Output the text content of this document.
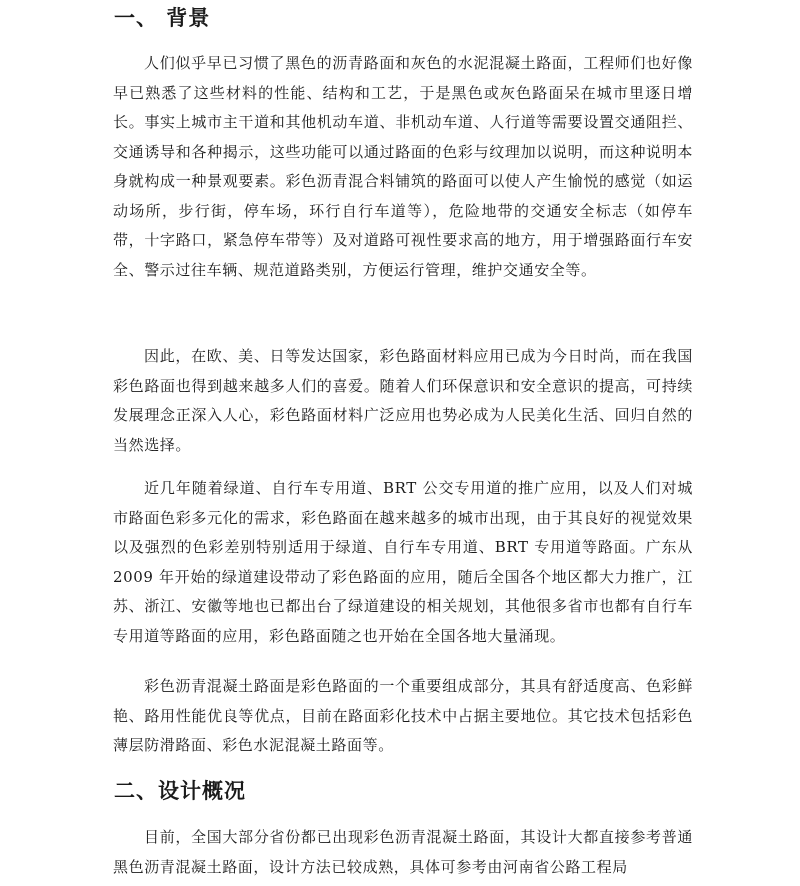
一、 背景

人们似乎早已习惯了黑色的沥青路面和灰色的水泥混凝土路面，工程师们也好像早已熟悉了这些材料的性能、结构和工艺，于是黑色或灰色路面呆在城市里逐日增长。事实上城市主干道和其他机动车道、非机动车道、人行道等需要设置交通阻拦、交通诱导和各种揭示，这些功能可以通过路面的色彩与纹理加以说明，而这种说明本身就构成一种景观要素。彩色沥青混合料铺筑的路面可以使人产生愉悦的感觉（如运动场所，步行街，停车场，环行自行车道等），危险地带的交通安全标志（如停车带，十字路口，紧急停车带等）及对道路可视性要求高的地方，用于增强路面行车安全、警示过往车辆、规范道路类别，方便运行管理，维护交通安全等。

因此，在欧、美、日等发达国家，彩色路面材料应用已成为今日时尚，而在我国彩色路面也得到越来越多人们的喜爱。随着人们环保意识和安全意识的提高，可持续发展理念正深入人心，彩色路面材料广泛应用也势必成为人民美化生活、回归自然的当然选择。

近几年随着绿道、自行车专用道、BRT 公交专用道的推广应用，以及人们对城市路面色彩多元化的需求，彩色路面在越来越多的城市出现，由于其良好的视觉效果以及强烈的色彩差别特别适用于绿道、自行车专用道、BRT 专用道等路面。广东从 2009 年开始的绿道建设带动了彩色路面的应用，随后全国各个地区都大力推广，江苏、浙江、安徽等地也已都出台了绿道建设的相关规划，其他很多省市也都有自行车专用道等路面的应用，彩色路面随之也开始在全国各地大量涌现。

彩色沥青混凝土路面是彩色路面的一个重要组成部分，其具有舒适度高、色彩鲜艳、路用性能优良等优点，目前在路面彩化技术中占据主要地位。其它技术包括彩色薄层防滑路面、彩色水泥混凝土路面等。

二、设计概况

目前，全国大部分省份都已出现彩色沥青混凝土路面，其设计大都直接参考普通黑色沥青混凝土路面，设计方法已较成熟，具体可参考由河南省公路工程局
